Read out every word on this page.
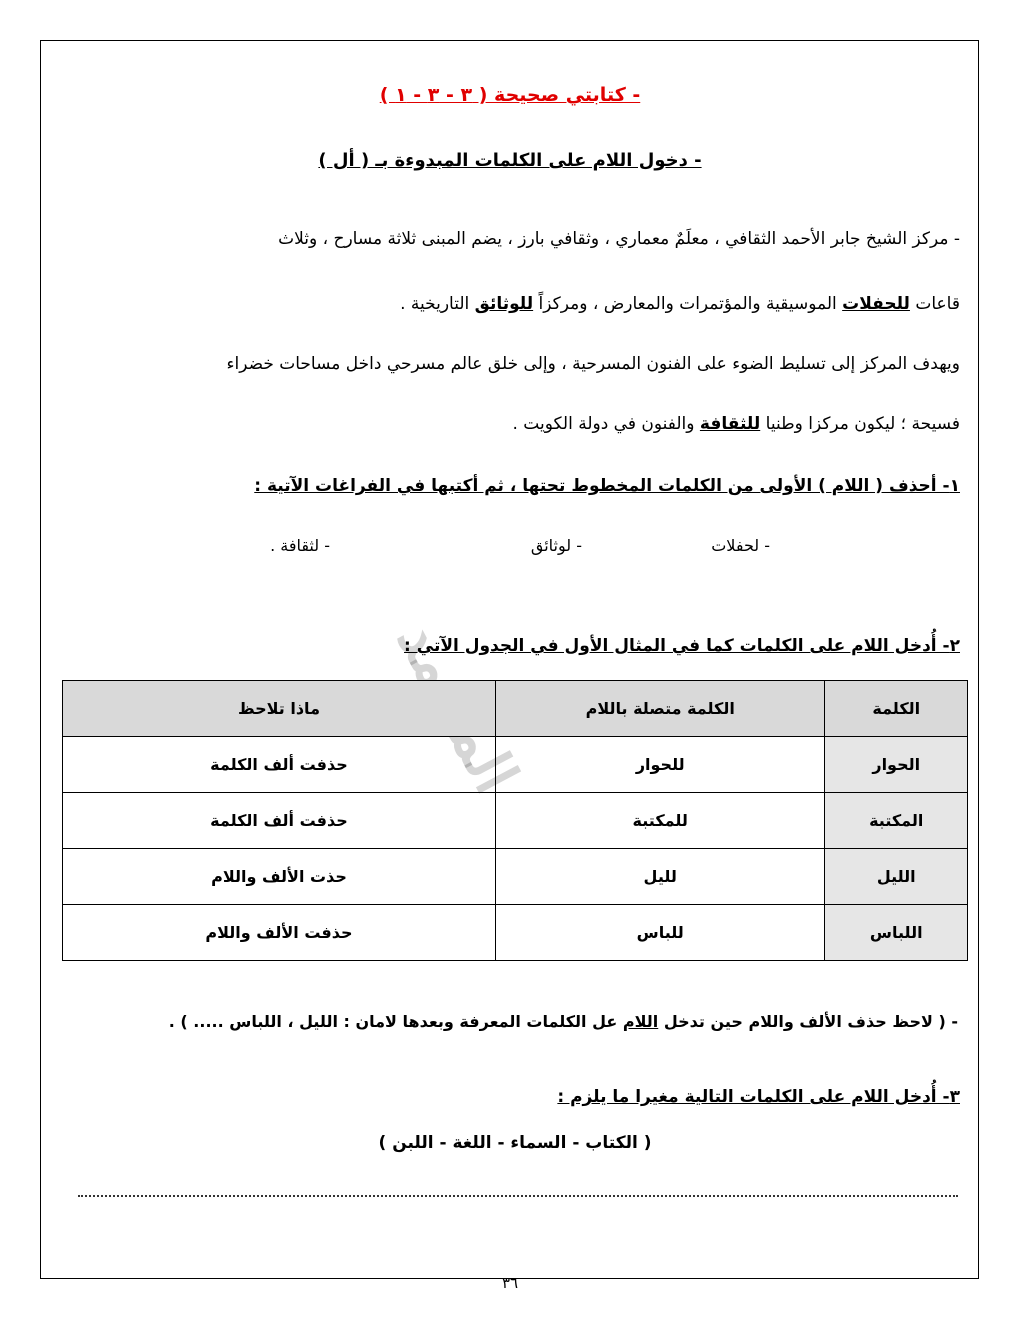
- كتابتي صحيحة ( ٣ - ٣ - ١ )
- دخول اللام على الكلمات المبدوءة بـ ( أل )
- مركز الشيخ جابر الأحمد الثقافي ، معلَمٌ معماري ، وثقافي بارز ، يضم المبنى ثلاثة مسارح ، وثلاث
قاعات للحفلات الموسيقية والمؤتمرات والمعارض ، ومركزاً للوثائق التاريخية .
ويهدف المركز إلى تسليط الضوء على الفنون المسرحية ، وإلى خلق عالم مسرحي داخل مساحات خضراء
فسيحة ؛ ليكون مركزا وطنيا للثقافة والفنون في دولة الكويت .
١- أحذف ( اللام ) الأولى من الكلمات المخطوط تحتها ، ثم أكتبها في الفراغات الآتية :
- لحفلات
- لوثائق
- لثقافة .
٢- أُدخل اللام على الكلمات كما في المثال الأول في الجدول الآتي :
الكلمة	الكلمة متصلة باللام	ماذا تلاحظ
الحوار	للحوار	حذفت ألف الكلمة
المكتبة	للمكتبة	حذفت ألف الكلمة
الليل	لليل	حذت الألف واللام
اللباس	للباس	حذفت الألف واللام
- ( لاحظ حذف الألف واللام حين تدخل اللام عل الكلمات المعرفة وبعدها لامان : الليل ، اللباس ..... ) .
٣- أُدخل اللام على الكلمات التالية مغيرا ما يلزم :
( الكتاب - السماء - اللغة - اللبن )
٣٦
